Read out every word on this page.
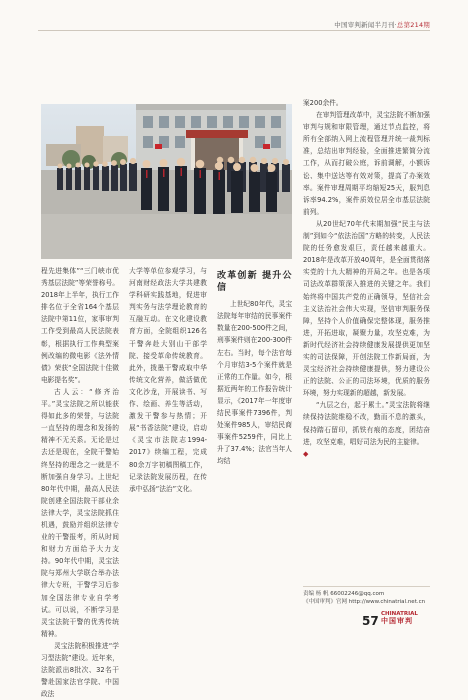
中国审判新闻半月刊·总第214期

程先进集体”“三门峡市优秀基层法院”等荣誉称号。2018年上半年，执行工作排名位于全省164个基层法院中第11位，家事审判工作受到最高人民法院表彰，根据执行工作典型案例改编的微电影《法外情债》荣获“全国法院十佳微电影提名奖”。

古人云：“修齐治平。”灵宝法院之所以能获得如此多的荣誉，与法院一直坚持的理念和发扬的精神不无关系。无论是过去还是现在，全院干警始终坚持的理念之一就是不断加强自身学习。上世纪80年代中期，最高人民法院创建全国法院干部业余法律大学，灵宝法院抓住机遇，鼓励并组织法律专业的干警报考，所从时间和财力方面给予大力支持。90年代中期，灵宝法院与郑州大学联合举办法律大专班，干警学习后参加全国法律专业自学考试。可以说，不断学习是灵宝法院干警的优秀传统精神。

灵宝法院积极推进“学习型法院”建设。近年来，法院派出8批次、32名干警赴国家法官学院、中国政法

大学等单位参观学习，与河南财经政法大学共建教学科研实践基地，促进审判实务与法学理论教育的互融互动。在文化建设教育方面，全院组织126名干警奔赴大别山干部学院、接受革命传统教育。此外，拨墨干警成取中华传统文化营养，做活做优文化沙龙，开展读书、写作、绘画、养生等活动，激发干警参与热情；开展“书香法院”建设，启动《灵宝市法院志1994-2017》续编工程，完成80余万字初稿图稿工作，记录法院发展历程，在传承中弘扬“法治”文化。

改革创新 提升公信

上世纪80年代，灵宝法院每年审结的民事案件数量在200-500件之间，刑事案件则在200-300件左右。当时，每个法官每个月审结3-5个案件就是正常的工作量。如今，根据近两年的工作报告统计显示，《2017年一年度审结民事案件7396件，判处案件985人，审结民商事案件5259件，同比上升了37.4%；法官当年人均结

案200余件。

在审判管理改革中，灵宝法院不断加强审判与规和审限管理，通过节点监控，将所有全部纳入网上流程管理并统一裁判标准，总结出审判经验，全面推进繁简分流工作，从而打破公庭，诉前调解，小额诉讼、集中送达等有效对策，提高了办案效率。案件审理周期平均缩短25天，服判息诉率94.2%，案件质效位居全市基层法院前列。

从20世纪70年代末期加强“民主与法制”到如今“依法治国”方略的转变，人民法院的任务愈发艰巨，责任越来越重大。2018年是改革开放40周年，是全面贯彻落实党的十九大精神的开局之年。也是各项司法改革群策深入推进的关键之年。我们始终将中国共产党的正确领导，坚信社会主义法治社会伟大实现，坚信审判服务保障，坚持个人价值确保完整体现，服务推进，开拓进取，凝聚力量，攻坚克难，为新时代经济社会持续健康发展提供更加坚实的司法保障，开创法院工作新局面，为灵宝经济社会持续健康提供，努力建设公正的法院、公正的司法环境，优质的服务环境，努力实现新的超越，新发展。

“九层之台，起于累土。”灵宝法院将继续保持法院维稳不改，勤而不息的激头，保持踏石留印，抓铁有痕的态度，团结奋进，攻坚克难，唱好司法为民的主旋律。

◆
责编 杨 帆 66002246@qq.com
《中国审判》官网 http://www.chinatrial.net.cn
57 CHINATRIAL
中国审判
